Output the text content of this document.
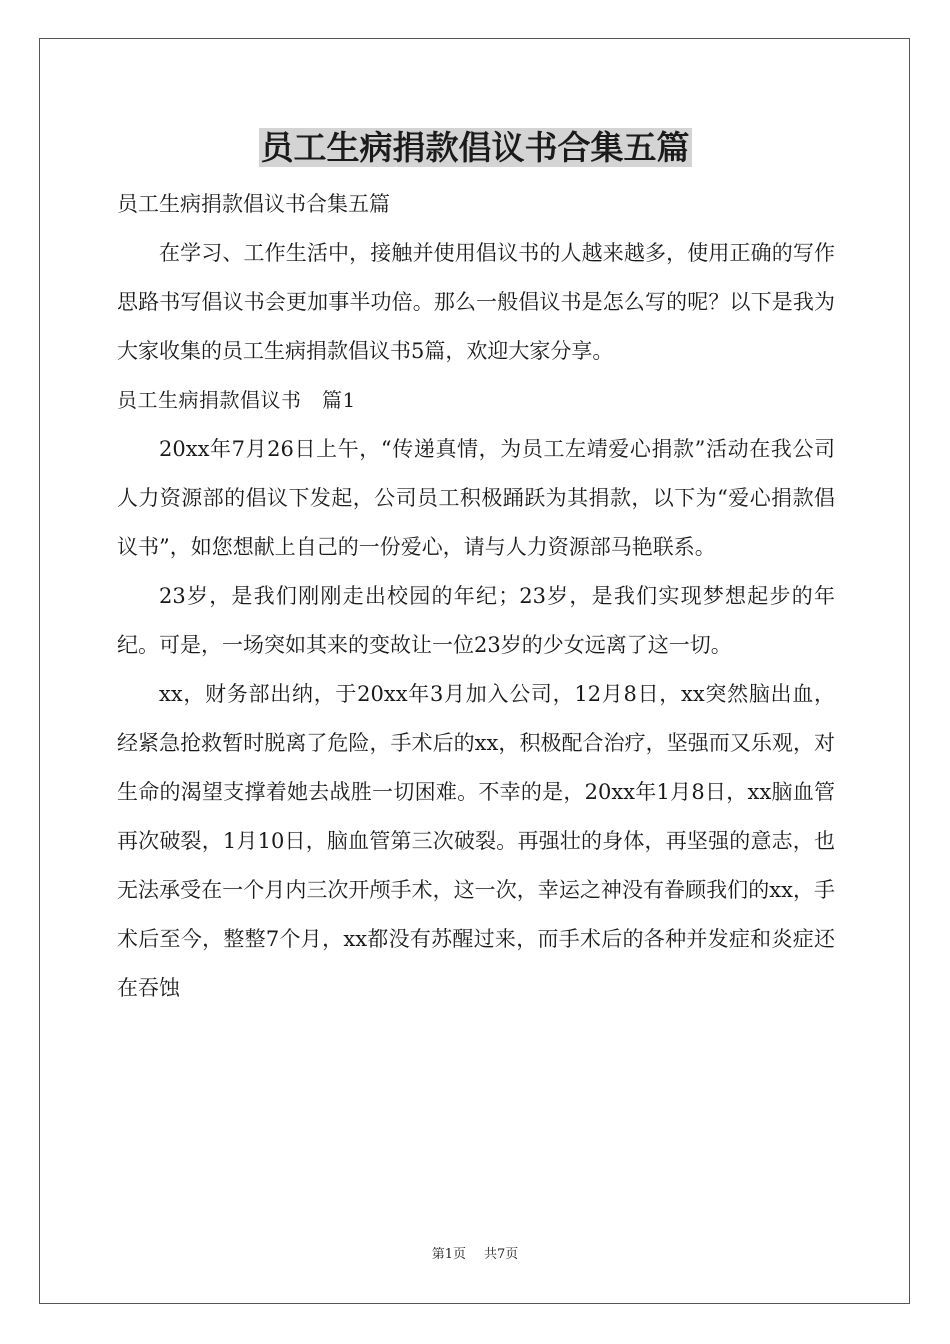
员工生病捐款倡议书合集五篇

员工生病捐款倡议书合集五篇

在学习、工作生活中，接触并使用倡议书的人越来越多，使用正确的写作思路书写倡议书会更加事半功倍。那么一般倡议书是怎么写的呢？以下是我为大家收集的员工生病捐款倡议书5篇，欢迎大家分享。

员工生病捐款倡议书　篇1

20xx年7月26日上午，“传递真情，为员工左靖爱心捐款”活动在我公司人力资源部的倡议下发起，公司员工积极踊跃为其捐款，以下为“爱心捐款倡议书”，如您想献上自己的一份爱心，请与人力资源部马艳联系。

23岁，是我们刚刚走出校园的年纪；23岁，是我们实现梦想起步的年纪。可是，一场突如其来的变故让一位23岁的少女远离了这一切。

xx，财务部出纳，于20xx年3月加入公司，12月8日，xx突然脑出血，经紧急抢救暂时脱离了危险，手术后的xx，积极配合治疗，坚强而又乐观，对生命的渴望支撑着她去战胜一切困难。不幸的是，20xx年1月8日，xx脑血管再次破裂，1月10日，脑血管第三次破裂。再强壮的身体，再坚强的意志，也无法承受在一个月内三次开颅手术，这一次，幸运之神没有眷顾我们的xx，手术后至今，整整7个月，xx都没有苏醒过来，而手术后的各种并发症和炎症还在吞蚀

第1页 共7页
